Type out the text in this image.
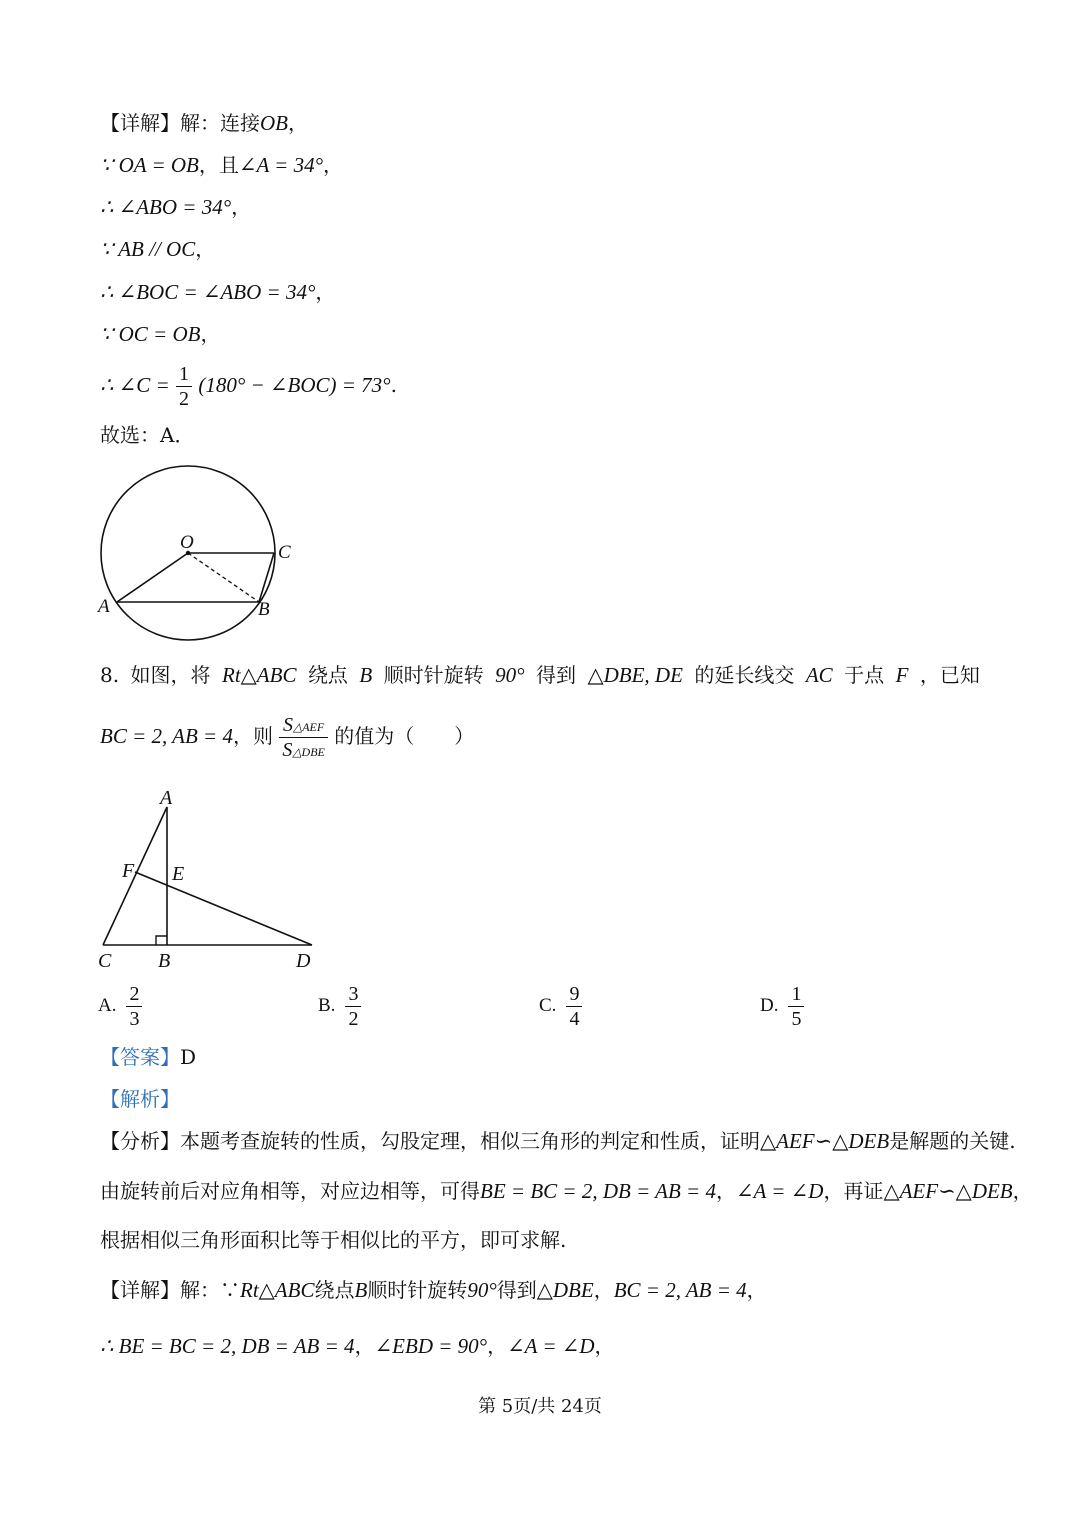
【详解】解：连接OB，
∵ OA = OB，且∠A = 34°，
∴ ∠ABO = 34°，
∵ AB // OC，
∴ ∠BOC = ∠ABO = 34°，
∵ OC = OB，
∴ ∠C = $\frac{1}{2} (180^\circ$ − ∠BOC) = 73°.
故选：A．
O	C
A	B
8. 如图，将 Rt△ABC 绕点 B 顺时针旋转 90° 得到 △DBE, DE 的延长线交 AC 于点 F ，已知
BC = 2, AB = 4，则 $\frac{\text{S△AEF}}{\text{S△DBE}}$ 的值为（　　）
A
F E
C B	D
A. $\frac{2}{3}$	B. $\frac{3}{2}$	C. $\frac{9}{4}$	D. $\frac{1}{5}$
【答案】D
【解析】
【分析】本题考查旋转的性质，勾股定理，相似三角形的判定和性质，证明△AEF∽△DEB是解题的关键.
由旋转前后对应角相等，对应边相等，可得BE = BC = 2, DB = AB = 4，∠A = ∠D，再证△AEF∽△DEB，
根据相似三角形面积比等于相似比的平方，即可求解.
【详解】解：∵Rt△ABC绕点B顺时针旋转90°得到△DBE，BC = 2, AB = 4，
∴ BE = BC = 2, DB = AB = 4，∠EBD = 90°，∠A = ∠D，
第 5页/共 24页
